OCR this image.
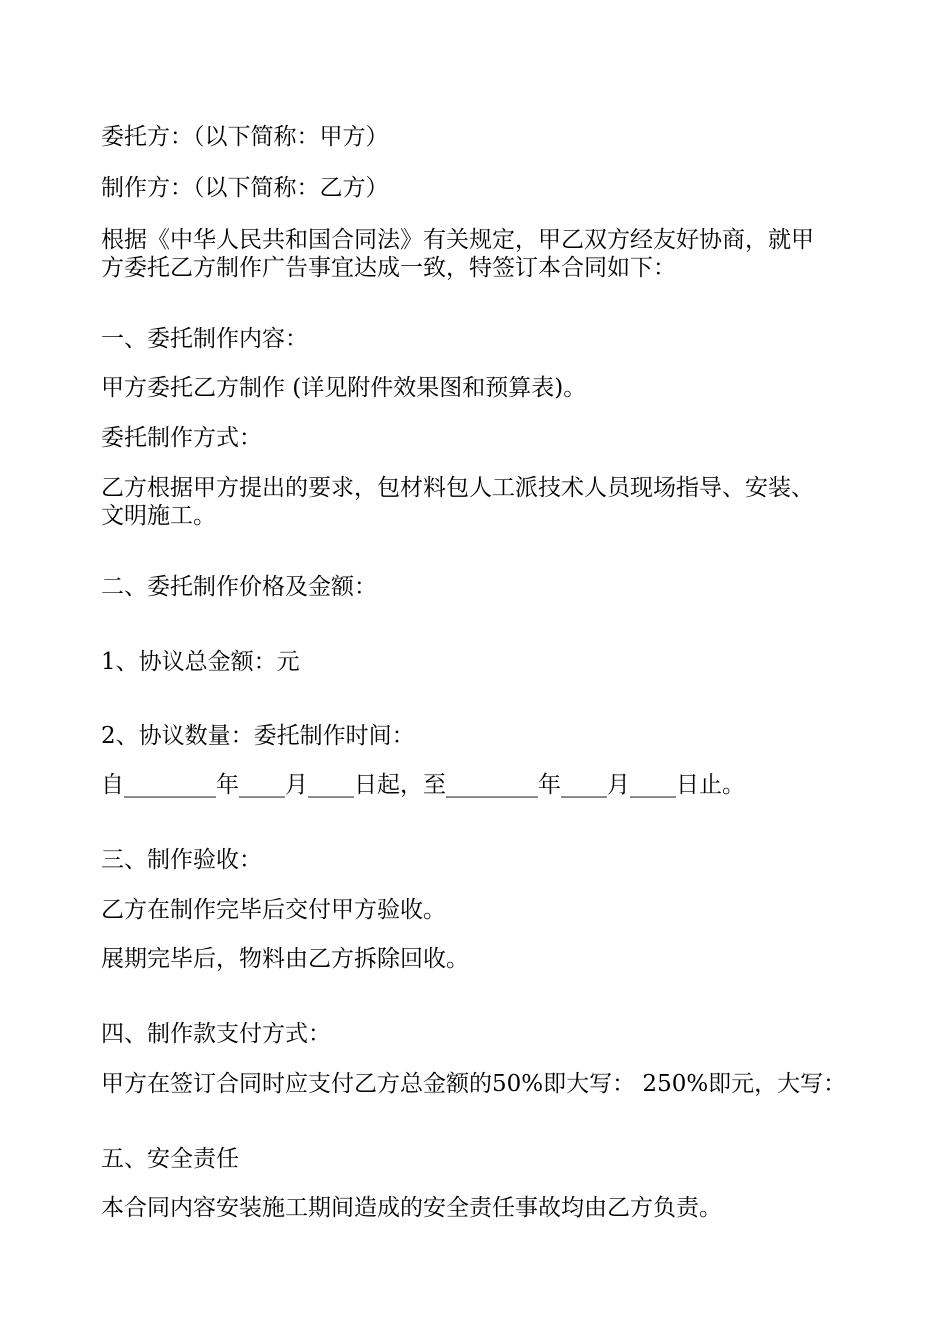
委托方：（以下简称：甲方）
制作方：（以下简称：乙方）
根据《中华人民共和国合同法》有关规定，甲乙双方经友好协商，就甲
方委托乙方制作广告事宜达成一致，特签订本合同如下：
一、委托制作内容：
甲方委托乙方制作 (详见附件效果图和预算表)。
委托制作方式：
乙方根据甲方提出的要求，包材料包人工派技术人员现场指导、安装、
文明施工。
二、委托制作价格及金额：
1、协议总金额：元
2、协议数量：委托制作时间：
自________年____月____日起，至________年____月____日止。
三、制作验收：
乙方在制作完毕后交付甲方验收。
展期完毕后，物料由乙方拆除回收。
四、制作款支付方式：
甲方在签订合同时应支付乙方总金额的50%即大写： 250%即元，大写：
五、安全责任
本合同内容安装施工期间造成的安全责任事故均由乙方负责。
